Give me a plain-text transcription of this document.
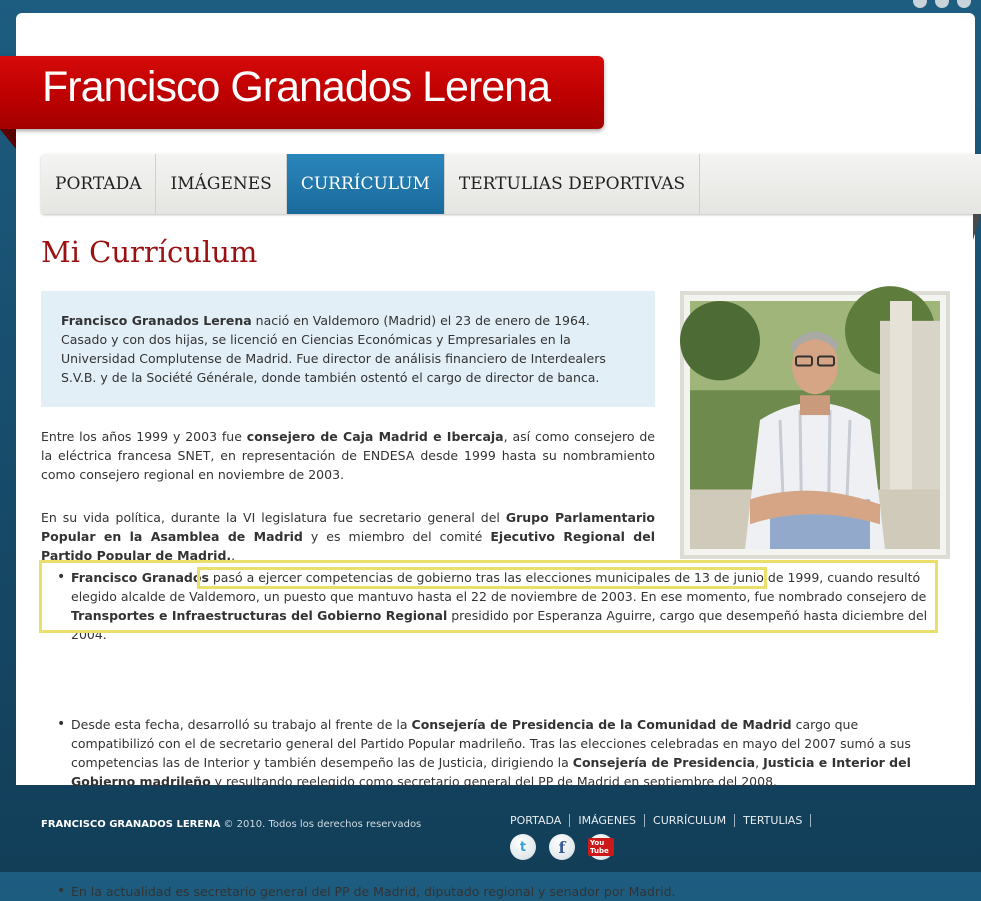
Francisco Granados Lerena
PORTADA	IMÁGENES	CURRÍCULUM	TERTULIAS DEPORTIVAS
Mi Currículum
Francisco Granados Lerena nació en Valdemoro (Madrid) el 23 de enero de 1964. Casado y con dos hijas, se licenció en Ciencias Económicas y Empresariales en la Universidad Complutense de Madrid. Fue director de análisis financiero de Interdealers S.V.B. y de la Société Générale, donde también ostentó el cargo de director de banca.

Entre los años 1999 y 2003 fue consejero de Caja Madrid e Ibercaja, así como consejero de la eléctrica francesa SNET, en representación de ENDESA desde 1999 hasta su nombramiento como consejero regional en noviembre de 2003.

En su vida política, durante la VI legislatura fue secretario general del Grupo Parlamentario Popular en la Asamblea de Madrid y es miembro del comité Ejecutivo Regional del Partido Popular de Madrid..

• Francisco Granados pasó a ejercer competencias de gobierno tras las elecciones municipales de 13 de junio de 1999, cuando resultó elegido alcalde de Valdemoro, un puesto que mantuvo hasta el 22 de noviembre de 2003. En ese momento, fue nombrado consejero de Transportes e Infraestructuras del Gobierno Regional presidido por Esperanza Aguirre, cargo que desempeñó hasta diciembre del 2004.
• Desde esta fecha, desarrolló su trabajo al frente de la Consejería de Presidencia de la Comunidad de Madrid cargo que compatibilizó con el de secretario general del Partido Popular madrileño. Tras las elecciones celebradas en mayo del 2007 sumó a sus competencias las de Interior y también desempeño las de Justicia, dirigiendo la Consejería de Presidencia, Justicia e Interior del Gobierno madrileño y resultando reelegido como secretario general del PP de Madrid en septiembre del 2008.
• En la actualidad es secretario general del PP de Madrid, diputado regional y senador por Madrid.
FRANCISCO GRANADOS LERENA © 2010. Todos los derechos reservados	PORTADA	IMÁGENES	CURRÍCULUM	TERTULIAS
t	f	You Tube
